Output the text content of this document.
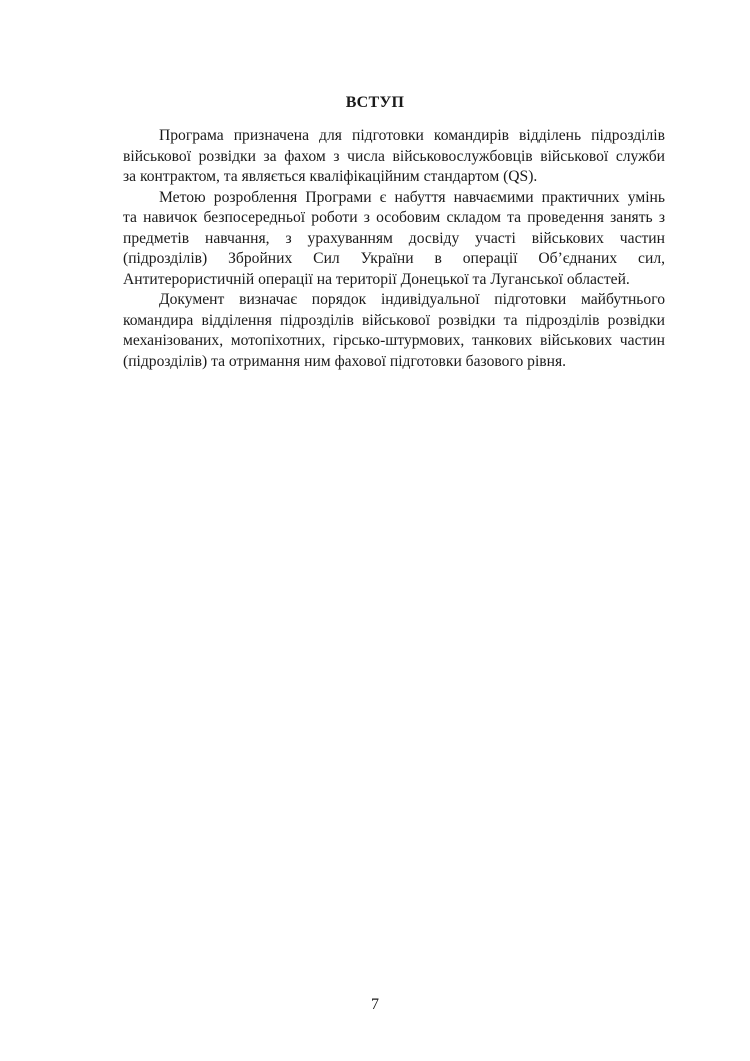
ВСТУП
Програма призначена для підготовки командирів відділень підрозділів
військової розвідки за фахом з числа військовослужбовців військової служби
за контрактом, та являється кваліфікаційним стандартом (QS).
Метою розроблення Програми є набуття навчаємими практичних умінь
та навичок безпосередньої роботи з особовим складом та проведення занять з
предметів навчання, з урахуванням досвіду участі військових частин
(підрозділів) Збройних Сил України в операції Об’єднаних сил,
Антитерористичній операції на території Донецької та Луганської областей.
Документ визначає порядок індивідуальної підготовки майбутнього
командира відділення підрозділів військової розвідки та підрозділів розвідки
механізованих, мотопіхотних, гірсько-штурмових, танкових військових частин
(підрозділів) та отримання ним фахової підготовки базового рівня.
7
